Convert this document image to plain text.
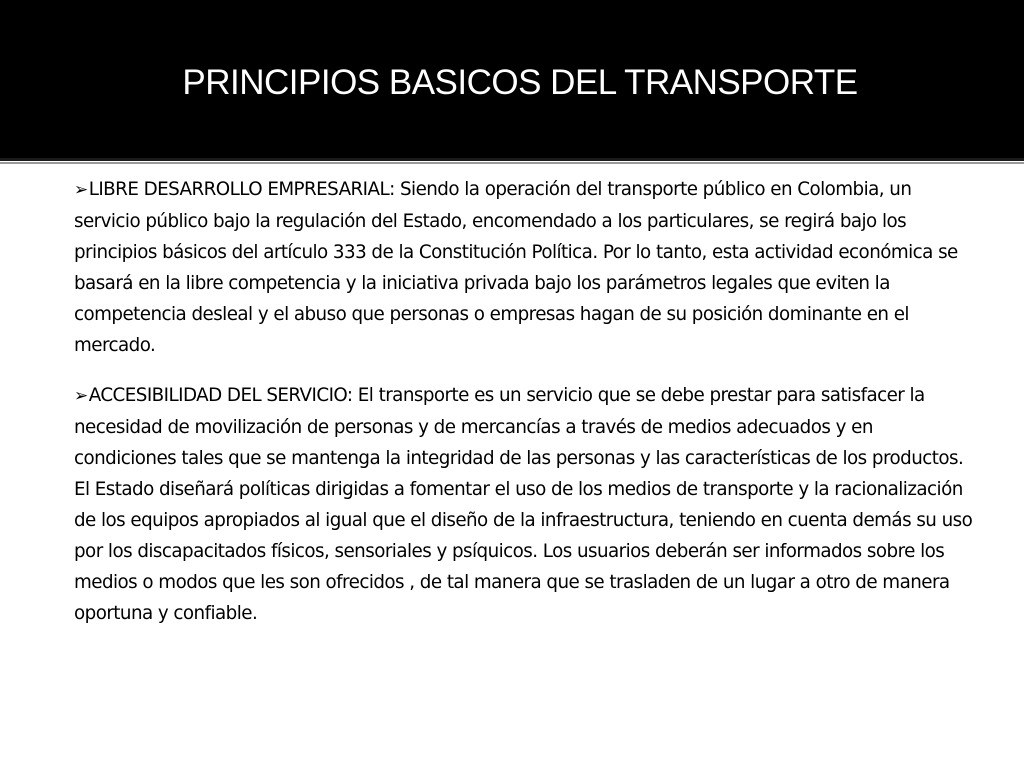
PRINCIPIOS BASICOS DEL TRANSPORTE

➢LIBRE DESARROLLO EMPRESARIAL: Siendo la operación del transporte público en Colombia, un servicio público bajo la regulación del Estado, encomendado a los particulares, se regirá bajo los principios básicos del artículo 333 de la Constitución Política. Por lo tanto, esta actividad económica se basará en la libre competencia y la iniciativa privada bajo los parámetros legales que eviten la competencia desleal y el abuso que personas o empresas hagan de su posición dominante en el mercado.

➢ACCESIBILIDAD DEL SERVICIO: El transporte es un servicio que se debe prestar para satisfacer la necesidad de movilización de personas y de mercancías a través de medios adecuados y en condiciones tales que se mantenga la integridad de las personas y las características de los productos. El Estado diseñará políticas dirigidas a fomentar el uso de los medios de transporte y la racionalización de los equipos apropiados al igual que el diseño de la infraestructura, teniendo en cuenta demás su uso por los discapacitados físicos, sensoriales y psíquicos. Los usuarios deberán ser informados sobre los medios o modos que les son ofrecidos , de tal manera que se trasladen de un lugar a otro de manera oportuna y confiable.
